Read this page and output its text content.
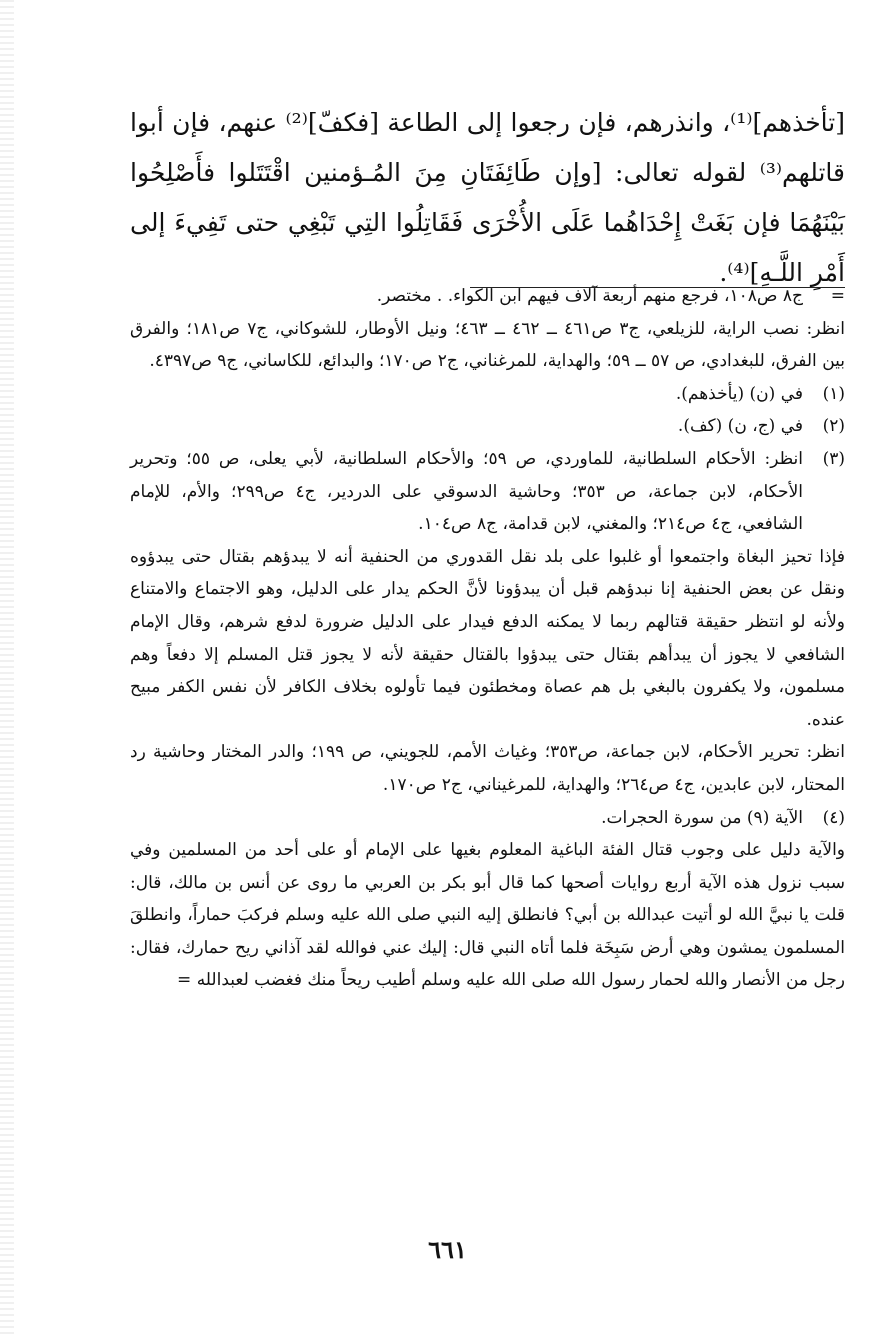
[تأخذهم]⁽¹⁾، وانذرهم، فإن رجعوا إلى الطاعة [فكفّ]⁽²⁾ عنهم، فإن أبوا قاتلهم⁽³⁾ لقوله تعالى: [وإن طَائِفَتَانِ مِنَ المُـؤمنين اقْتَتَلوا فأَصْلِحُوا بَيْنَهُمَا فإن بَغَتْ إِحْدَاهُما عَلَى الأُخْرَى فَقَاتِلُوا التِي تَبْغِي حتى تَفِيءَ إلى أَمْرِ اللَّـهِ]⁽⁴⁾.

=
ج٨ ص١٠٨، فرجع منهم أربعة آلاف فيهم ابن الكواء. . مختصر.

انظر: نصب الراية، للزيلعي، ج٣ ص٤٦١ ــ ٤٦٢ ــ ٤٦٣؛ ونيل الأوطار، للشوكاني، ج٧ ص١٨١؛ والفرق بين الفرق، للبغدادي، ص ٥٧ ــ ٥٩؛ والهداية، للمرغناني، ج٢ ص١٧٠؛ والبدائع، للكاساني، ج٩ ص٤٣٩٧.

(١)
في (ن) (يأخذهم).
(٢)
في (ج، ن) (كف).
(٣)
انظر: الأحكام السلطانية، للماوردي، ص ٥٩؛ والأحكام السلطانية، لأبي يعلى، ص ٥٥؛ وتحرير الأحكام، لابن جماعة، ص ٣٥٣؛ وحاشية الدسوقي على الدردير، ج٤ ص٢٩٩؛ والأم، للإمام الشافعي، ج٤ ص٢١٤؛ والمغني، لابن قدامة، ج٨ ص١٠٤.

فإذا تحيز البغاة واجتمعوا أو غلبوا على بلد نقل القدوري من الحنفية أنه لا يبدؤهم بقتال حتى يبدؤوه ونقل عن بعض الحنفية إنا نبدؤهم قبل أن يبدؤونا لأنَّ الحكم يدار على الدليل، وهو الاجتماع والامتناع ولأنه لو انتظر حقيقة قتالهم ربما لا يمكنه الدفع فيدار على الدليل ضرورة لدفع شرهم، وقال الإمام الشافعي لا يجوز أن يبدأهم بقتال حتى يبدؤوا بالقتال حقيقة لأنه لا يجوز قتل المسلم إلا دفعاً وهم مسلمون، ولا يكفرون بالبغي بل هم عصاة ومخطئون فيما تأولوه بخلاف الكافر لأن نفس الكفر مبيح عنده.

انظر: تحرير الأحكام، لابن جماعة، ص٣٥٣؛ وغياث الأمم، للجويني، ص ١٩٩؛ والدر المختار وحاشية رد المحتار، لابن عابدين، ج٤ ص٢٦٤؛ والهداية، للمرغيناني، ج٢ ص١٧٠.

(٤)
الآية (٩) من سورة الحجرات.

والآية دليل على وجوب قتال الفئة الباغية المعلوم بغيها على الإمام أو على أحد من المسلمين وفي سبب نزول هذه الآية أربع روايات أصحها كما قال أبو بكر بن العربي ما روى عن أنس بن مالك، قال: قلت يا نبيَّ الله لو أتيت عبدالله بن أبي؟ فانطلق إليه النبي صلى الله عليه وسلم فركبَ حماراً، وانطلقَ المسلمون يمشون وهي أرض سَبِخَة فلما أتاه النبي قال: إليك عني فوالله لقد آذاني ريح حمارك، فقال: رجل من الأنصار والله لحمار رسول الله صلى الله عليه وسلم أطيب ريحاً منك فغضب لعبدالله =

٦٦١
